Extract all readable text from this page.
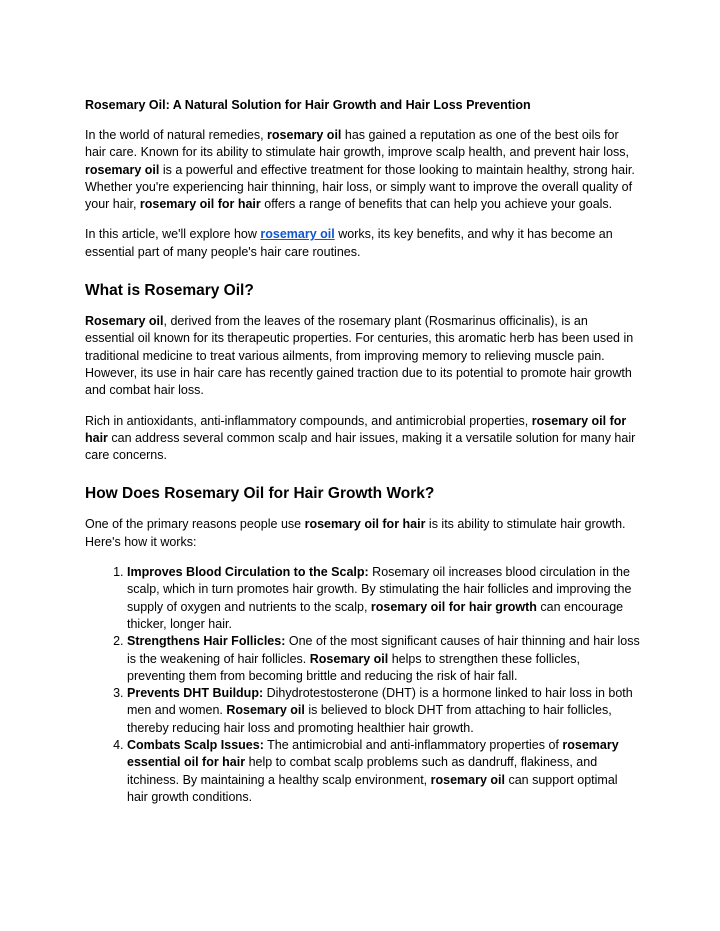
Rosemary Oil: A Natural Solution for Hair Growth and Hair Loss Prevention

In the world of natural remedies, rosemary oil has gained a reputation as one of the best oils for hair care. Known for its ability to stimulate hair growth, improve scalp health, and prevent hair loss, rosemary oil is a powerful and effective treatment for those looking to maintain healthy, strong hair. Whether you're experiencing hair thinning, hair loss, or simply want to improve the overall quality of your hair, rosemary oil for hair offers a range of benefits that can help you achieve your goals.

In this article, we'll explore how rosemary oil works, its key benefits, and why it has become an essential part of many people's hair care routines.

What is Rosemary Oil?

Rosemary oil, derived from the leaves of the rosemary plant (Rosmarinus officinalis), is an essential oil known for its therapeutic properties. For centuries, this aromatic herb has been used in traditional medicine to treat various ailments, from improving memory to relieving muscle pain. However, its use in hair care has recently gained traction due to its potential to promote hair growth and combat hair loss.

Rich in antioxidants, anti-inflammatory compounds, and antimicrobial properties, rosemary oil for hair can address several common scalp and hair issues, making it a versatile solution for many hair care concerns.

How Does Rosemary Oil for Hair Growth Work?

One of the primary reasons people use rosemary oil for hair is its ability to stimulate hair growth. Here's how it works:

1. Improves Blood Circulation to the Scalp: Rosemary oil increases blood circulation in the scalp, which in turn promotes hair growth. By stimulating the hair follicles and improving the supply of oxygen and nutrients to the scalp, rosemary oil for hair growth can encourage thicker, longer hair.
2. Strengthens Hair Follicles: One of the most significant causes of hair thinning and hair loss is the weakening of hair follicles. Rosemary oil helps to strengthen these follicles, preventing them from becoming brittle and reducing the risk of hair fall.
3. Prevents DHT Buildup: Dihydrotestosterone (DHT) is a hormone linked to hair loss in both men and women. Rosemary oil is believed to block DHT from attaching to hair follicles, thereby reducing hair loss and promoting healthier hair growth.
4. Combats Scalp Issues: The antimicrobial and anti-inflammatory properties of rosemary essential oil for hair help to combat scalp problems such as dandruff, flakiness, and itchiness. By maintaining a healthy scalp environment, rosemary oil can support optimal hair growth conditions.
